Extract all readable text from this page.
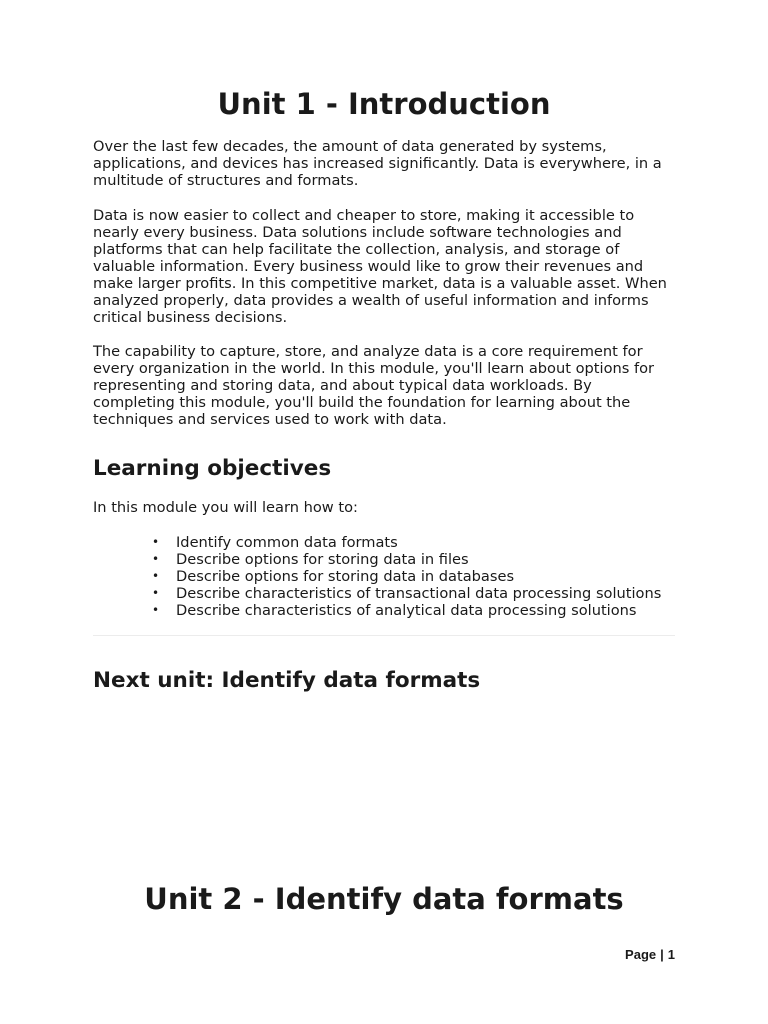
Unit 1 - Introduction

Over the last few decades, the amount of data generated by systems, applications, and devices has increased significantly. Data is everywhere, in a multitude of structures and formats.

Data is now easier to collect and cheaper to store, making it accessible to nearly every business. Data solutions include software technologies and platforms that can help facilitate the collection, analysis, and storage of valuable information. Every business would like to grow their revenues and make larger profits. In this competitive market, data is a valuable asset. When analyzed properly, data provides a wealth of useful information and informs critical business decisions.

The capability to capture, store, and analyze data is a core requirement for every organization in the world. In this module, you'll learn about options for representing and storing data, and about typical data workloads. By completing this module, you'll build the foundation for learning about the techniques and services used to work with data.

Learning objectives

In this module you will learn how to:

• Identify common data formats
• Describe options for storing data in files
• Describe options for storing data in databases
• Describe characteristics of transactional data processing solutions
• Describe characteristics of analytical data processing solutions
Next unit: Identify data formats
Unit 2 - Identify data formats
Page | 1
